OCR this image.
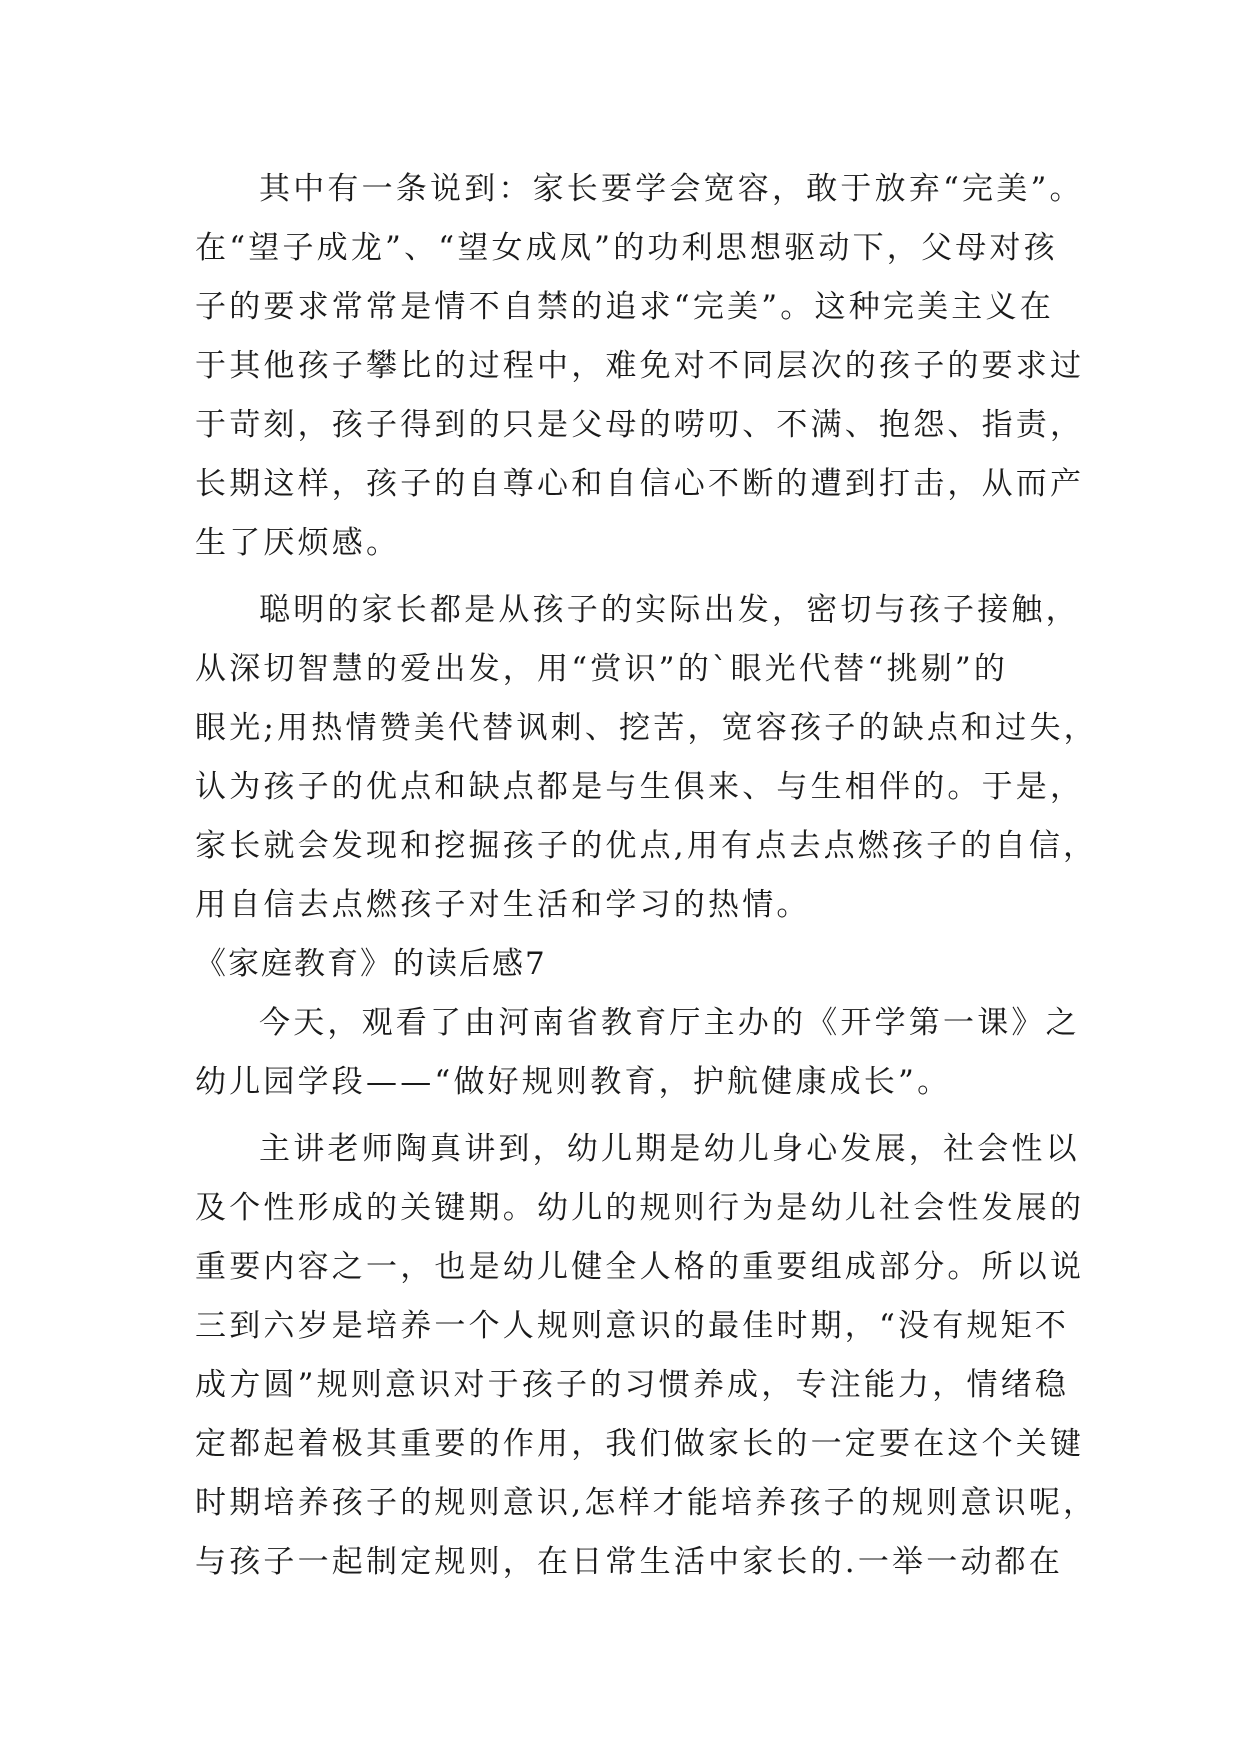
其中有一条说到：家长要学会宽容，敢于放弃“完美”。
在“望子成龙”、“望女成凤”的功利思想驱动下，父母对孩
子的要求常常是情不自禁的追求“完美”。这种完美主义在
于其他孩子攀比的过程中，难免对不同层次的孩子的要求过
于苛刻，孩子得到的只是父母的唠叨、不满、抱怨、指责，
长期这样，孩子的自尊心和自信心不断的遭到打击，从而产
生了厌烦感。
聪明的家长都是从孩子的实际出发，密切与孩子接触，
从深切智慧的爱出发，用“赏识”的`眼光代替“挑剔”的
眼光;用热情赞美代替讽刺、挖苦，宽容孩子的缺点和过失，
认为孩子的优点和缺点都是与生俱来、与生相伴的。于是，
家长就会发现和挖掘孩子的优点,用有点去点燃孩子的自信，
用自信去点燃孩子对生活和学习的热情。
《家庭教育》的读后感7
今天，观看了由河南省教育厅主办的《开学第一课》之
幼儿园学段——“做好规则教育，护航健康成长”。
主讲老师陶真讲到，幼儿期是幼儿身心发展，社会性以
及个性形成的关键期。幼儿的规则行为是幼儿社会性发展的
重要内容之一，也是幼儿健全人格的重要组成部分。所以说
三到六岁是培养一个人规则意识的最佳时期，“没有规矩不
成方圆”规则意识对于孩子的习惯养成，专注能力，情绪稳
定都起着极其重要的作用，我们做家长的一定要在这个关键
时期培养孩子的规则意识,怎样才能培养孩子的规则意识呢，
与孩子一起制定规则，在日常生活中家长的.一举一动都在
